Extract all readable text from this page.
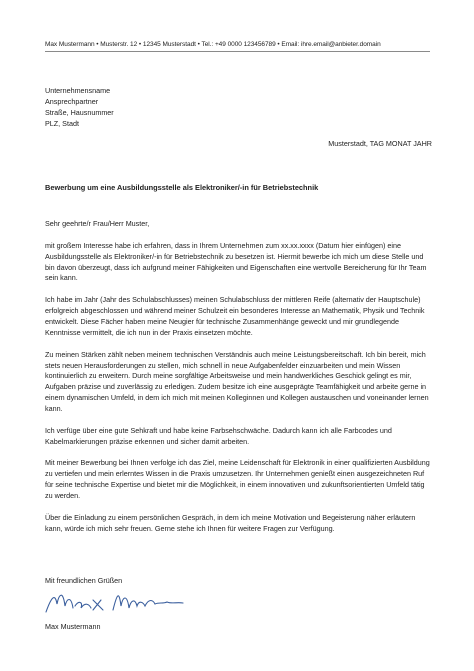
Max Mustermann • Musterstr. 12 • 12345 Musterstadt • Tel.: +49 0000 123456789 • Email: ihre.email@anbieter.domain
Unternehmensname
Ansprechpartner
Straße, Hausnummer
PLZ, Stadt
Musterstadt, TAG MONAT JAHR
Bewerbung um eine Ausbildungsstelle als Elektroniker/-in für Betriebstechnik

Sehr geehrte/r Frau/Herr Muster,

mit großem Interesse habe ich erfahren, dass in Ihrem Unternehmen zum xx.xx.xxxx (Datum hier einfügen) eine Ausbildungsstelle als Elektroniker/-in für Betriebstechnik zu besetzen ist. Hiermit bewerbe ich mich um diese Stelle und bin davon überzeugt, dass ich aufgrund meiner Fähigkeiten und Eigenschaften eine wertvolle Bereicherung für Ihr Team sein kann.

Ich habe im Jahr (Jahr des Schulabschlusses) meinen Schulabschluss der mittleren Reife (alternativ der Hauptschule) erfolgreich abgeschlossen und während meiner Schulzeit ein besonderes Interesse an Mathematik, Physik und Technik entwickelt. Diese Fächer haben meine Neugier für technische Zusammenhänge geweckt und mir grundlegende Kenntnisse vermittelt, die ich nun in der Praxis einsetzen möchte.

Zu meinen Stärken zählt neben meinem technischen Verständnis auch meine Leistungsbereitschaft. Ich bin bereit, mich stets neuen Herausforderungen zu stellen, mich schnell in neue Aufgabenfelder einzuarbeiten und mein Wissen kontinuierlich zu erweitern. Durch meine sorgfältige Arbeitsweise und mein handwerkliches Geschick gelingt es mir, Aufgaben präzise und zuverlässig zu erledigen. Zudem besitze ich eine ausgeprägte Teamfähigkeit und arbeite gerne in einem dynamischen Umfeld, in dem ich mich mit meinen Kolleginnen und Kollegen austauschen und voneinander lernen kann.

Ich verfüge über eine gute Sehkraft und habe keine Farbsehschwäche. Dadurch kann ich alle Farbcodes und Kabelmarkierungen präzise erkennen und sicher damit arbeiten.

Mit meiner Bewerbung bei Ihnen verfolge ich das Ziel, meine Leidenschaft für Elektronik in einer qualifizierten Ausbildung zu vertiefen und mein erlerntes Wissen in die Praxis umzusetzen. Ihr Unternehmen genießt einen ausgezeichneten Ruf für seine technische Expertise und bietet mir die Möglichkeit, in einem innovativen und zukunftsorientierten Umfeld tätig zu werden.

Über die Einladung zu einem persönlichen Gespräch, in dem ich meine Motivation und Begeisterung näher erläutern kann, würde ich mich sehr freuen. Gerne stehe ich Ihnen für weitere Fragen zur Verfügung.

Mit freundlichen Grüßen
Max Mustermann
